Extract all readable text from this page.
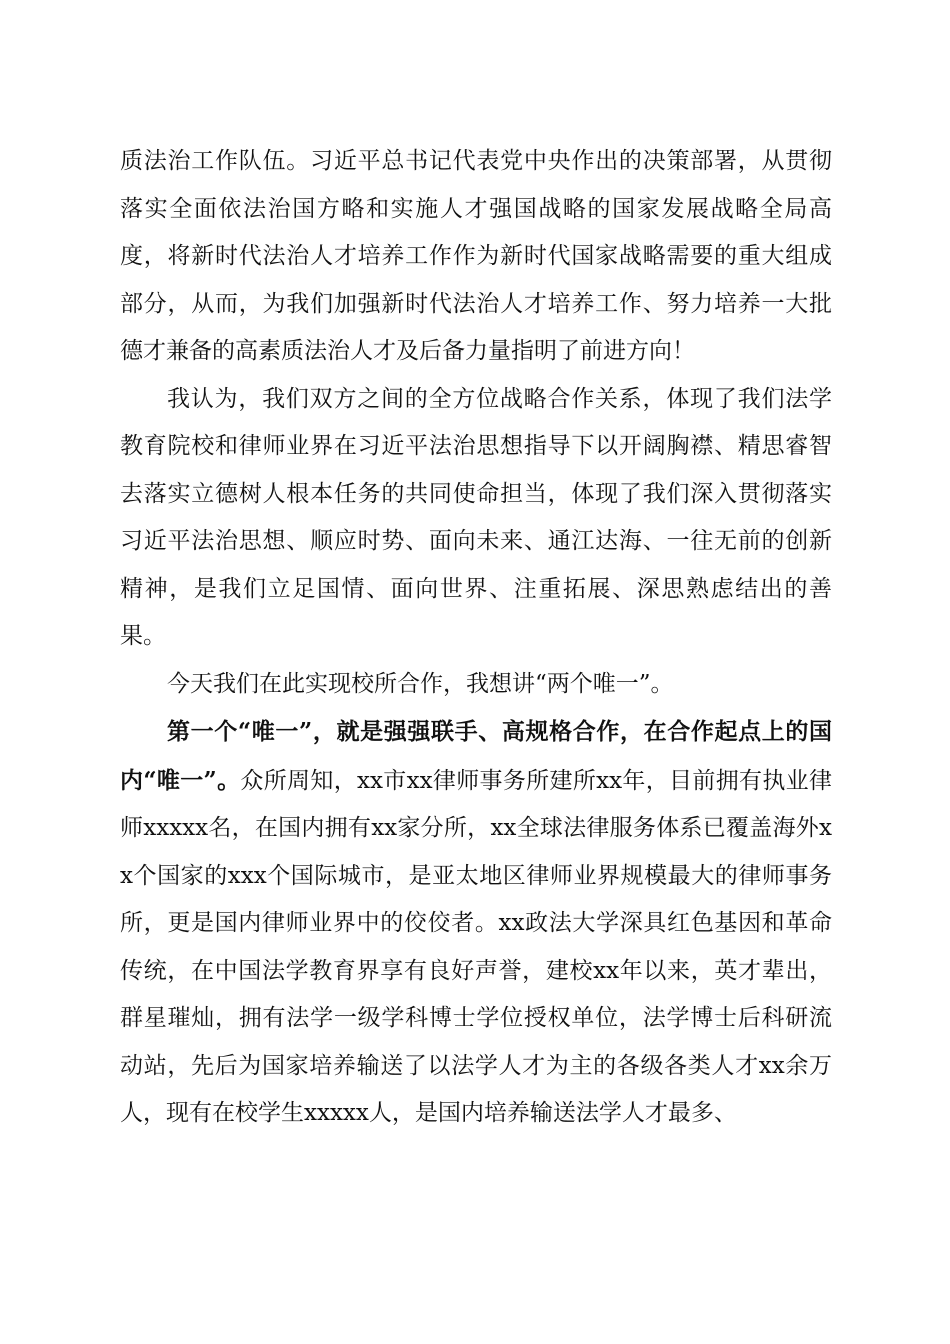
质法治工作队伍。习近平总书记代表党中央作出的决策部署，从贯彻落实全面依法治国方略和实施人才强国战略的国家发展战略全局高度，将新时代法治人才培养工作作为新时代国家战略需要的重大组成部分，从而，为我们加强新时代法治人才培养工作、努力培养一大批德才兼备的高素质法治人才及后备力量指明了前进方向！

我认为，我们双方之间的全方位战略合作关系，体现了我们法学教育院校和律师业界在习近平法治思想指导下以开阔胸襟、精思睿智去落实立德树人根本任务的共同使命担当，体现了我们深入贯彻落实习近平法治思想、顺应时势、面向未来、通江达海、一往无前的创新精神，是我们立足国情、面向世界、注重拓展、深思熟虑结出的善果。

今天我们在此实现校所合作，我想讲“两个唯一”。

第一个“唯一”，就是强强联手、高规格合作，在合作起点上的国内“唯一”。众所周知，xx市xx律师事务所建所xx年，目前拥有执业律师xxxxx名，在国内拥有xx家分所，xx全球法律服务体系已覆盖海外xx个国家的xxx个国际城市，是亚太地区律师业界规模最大的律师事务所，更是国内律师业界中的佼佼者。xx政法大学深具红色基因和革命传统，在中国法学教育界享有良好声誉，建校xx年以来，英才辈出，群星璀灿，拥有法学一级学科博士学位授权单位，法学博士后科研流动站，先后为国家培养输送了以法学人才为主的各级各类人才xx余万人，现有在校学生xxxxx人，是国内培养输送法学人才最多、
